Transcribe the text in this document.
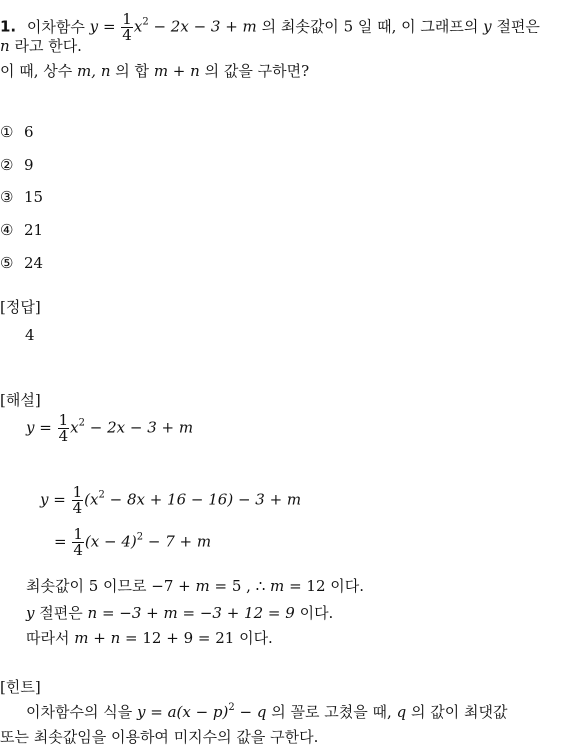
1. 이차함수 $y = \frac{1}{4} x^2 - 2x - 3 + m$ 의 최솟값이 5 일 때, 이 그래프의 y 절편은
n 라고 한다.
이 때, 상수 m, n 의 합 m + n 의 값을 구하면?
① 6
② 9
③ 15
④ 21
⑤ 24
[정답]
4
[해설]
$y = \frac{1}{4} x^2 - 2x - 3 + m$
$y = \frac{1}{4} (x^2 - 8x + 16 - 16) - 3 + m$
= $\frac{1}{4} (x - 4)^2 - 7 + m$
최솟값이 5 이므로 −7 + m = 5 , ∴ m = 12 이다.
y 절편은 n = −3 + m = −3 + 12 = 9 이다.
따라서 m + n = 12 + 9 = 21 이다.
[힌트]
이차함수의 식을 $y = a(x - p)^2 - q$ 의 꼴로 고쳤을 때, q 의 값이 최댓값
또는 최솟값임을 이용하여 미지수의 값을 구한다.
